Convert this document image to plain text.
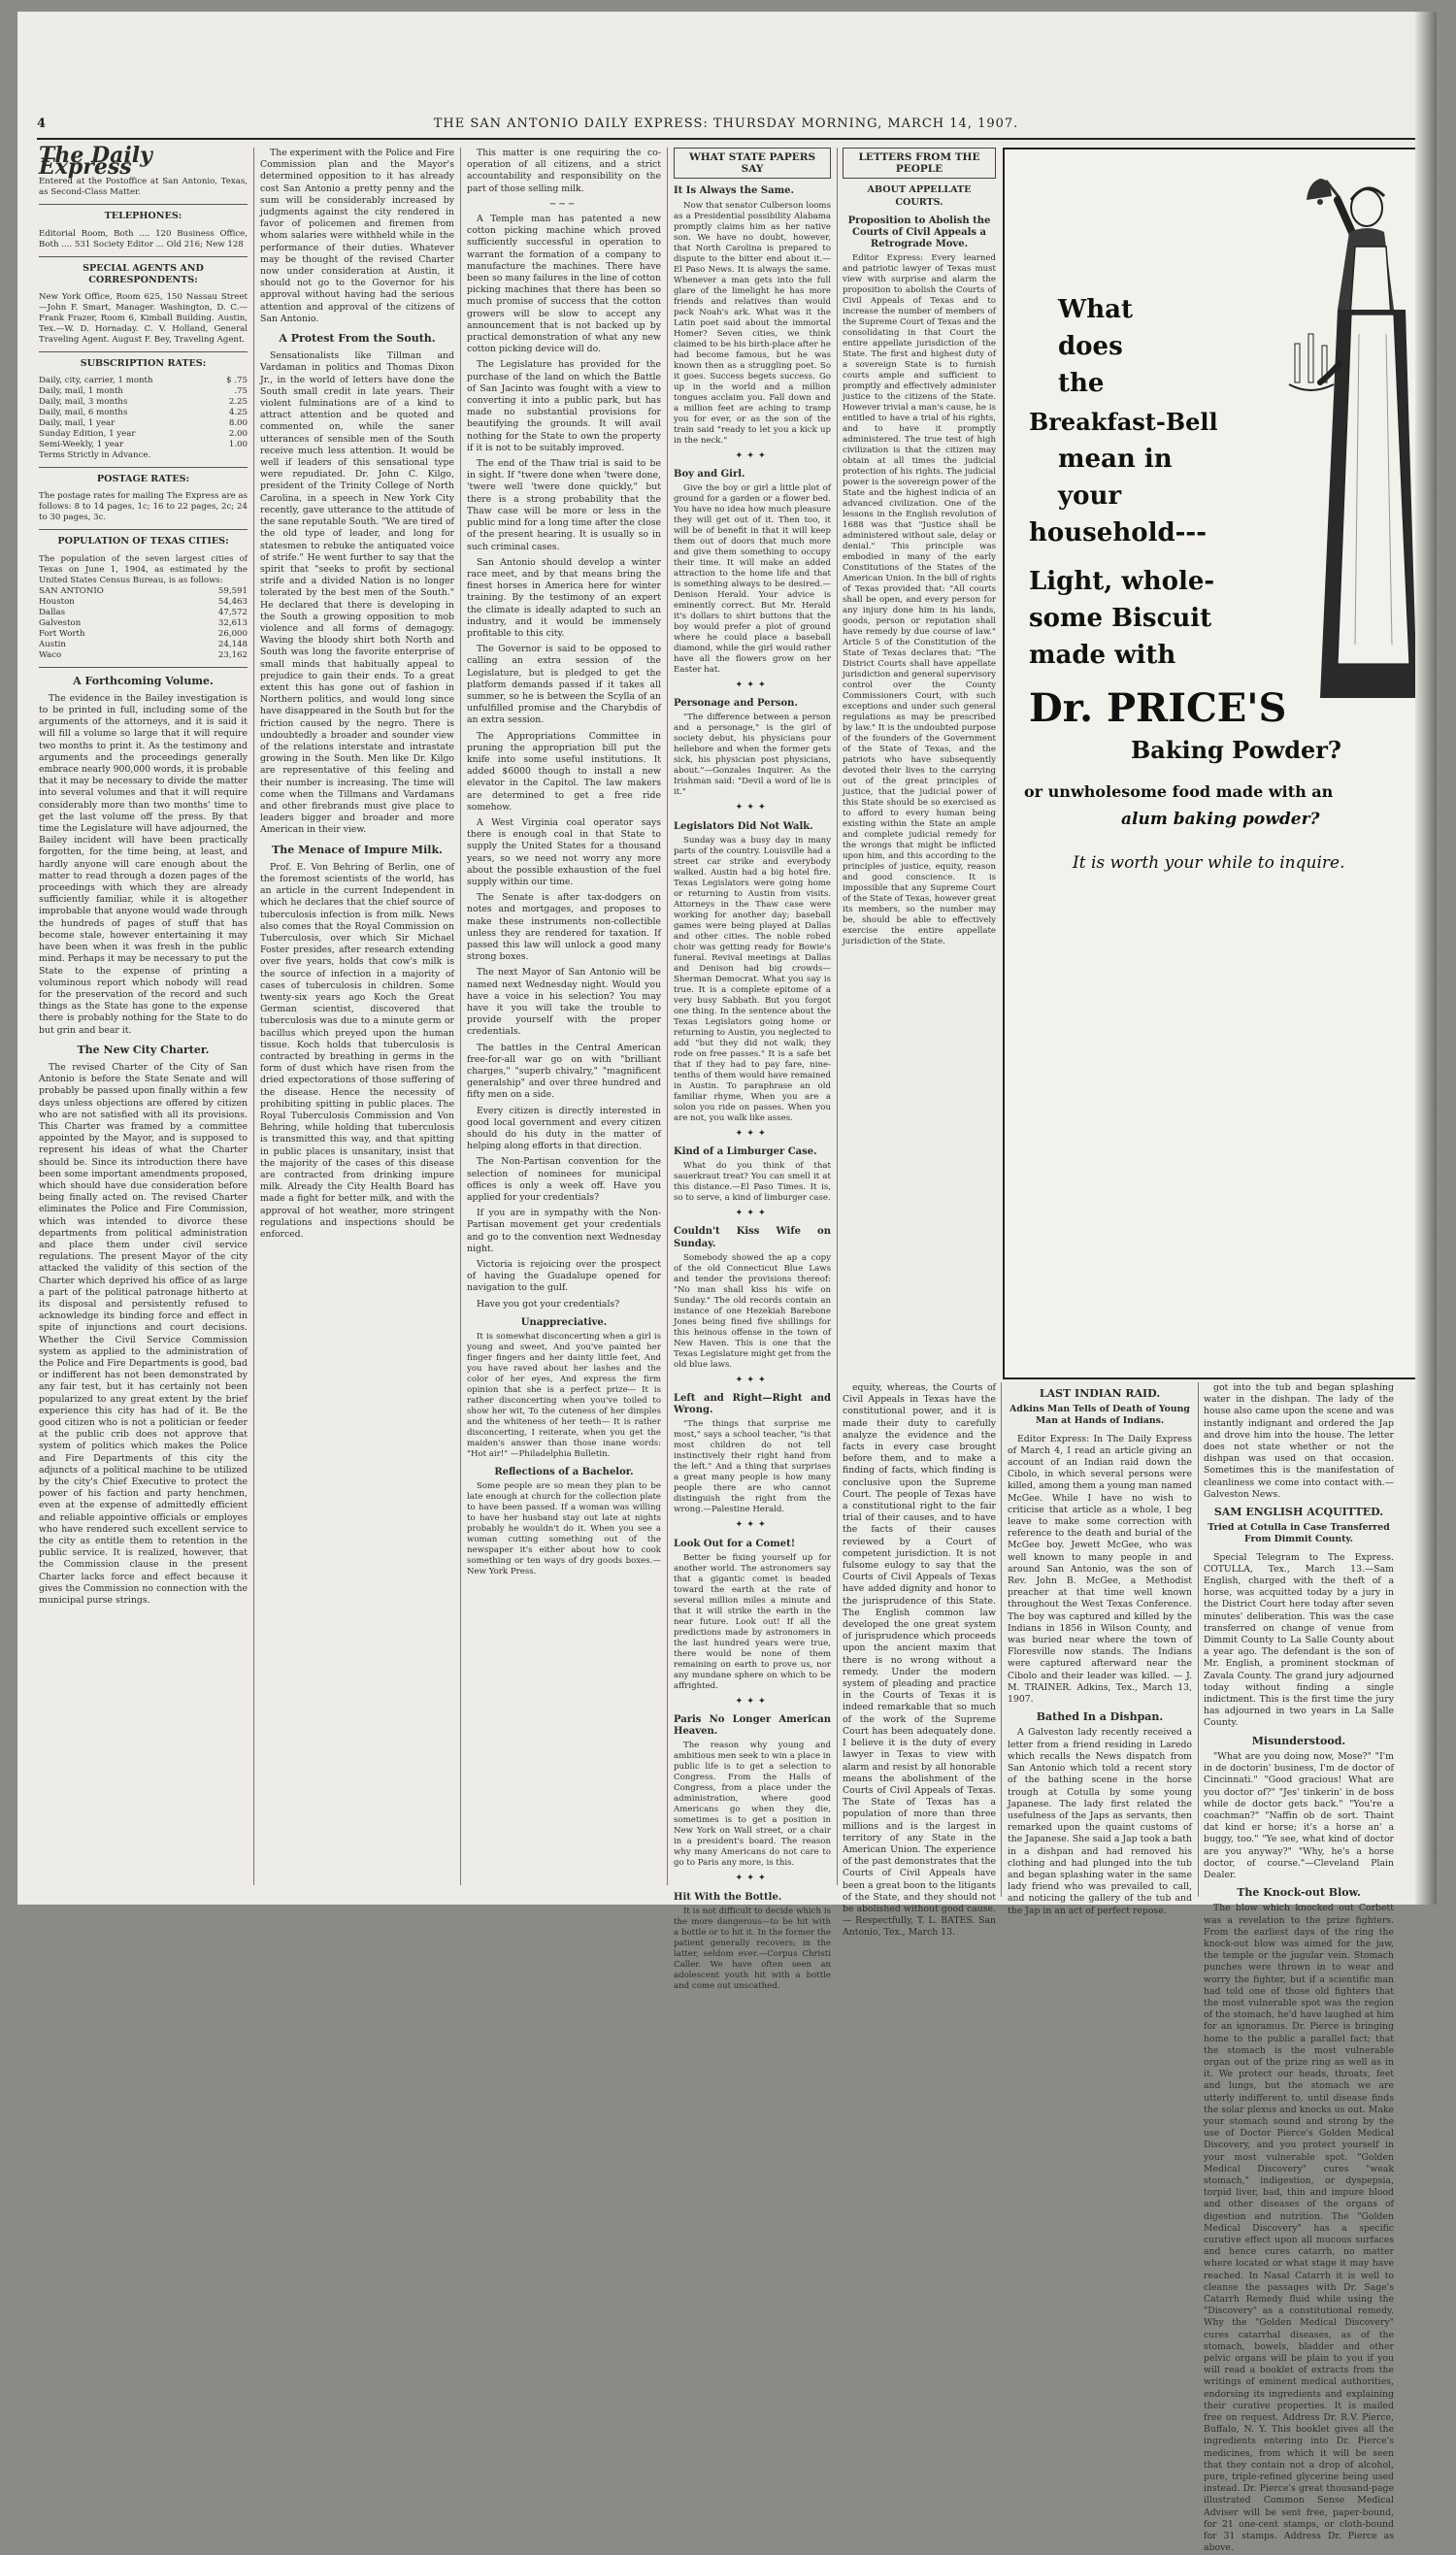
4	THE SAN ANTONIO DAILY EXPRESS: THURSDAY MORNING, MARCH 14, 1907.
The Daily Express
Entered at the Postoffice at San Antonio, Texas, as Second-Class Matter.
TELEPHONES:
Editorial Room, Both .... 120 Business Office, Both .... 531 Society Editor ... Old 216; New 128
SPECIAL AGENTS AND CORRESPONDENTS:
New York Office, Room 625, 150 Nassau Street—John F. Smart, Manager. Washington, D. C.—Frank Frazer, Room 6, Kimball Building. Austin, Tex.—W. D. Hornaday. C. V. Holland, General Traveling Agent. August F. Bey, Traveling Agent.
SUBSCRIPTION RATES:
Daily, city, carrier, 1 month	$ .75
Daily, mail, 1 month	.75
Daily, mail, 3 months	2.25
Daily, mail, 6 months	4.25
Daily, mail, 1 year	8.00
Sunday Edition, 1 year	2.00
Semi-Weekly, 1 year	1.00
Terms Strictly in Advance.
POSTAGE RATES:
The postage rates for mailing The Express are as follows: 8 to 14 pages, 1c; 16 to 22 pages, 2c; 24 to 30 pages, 3c.
POPULATION OF TEXAS CITIES:
The population of the seven largest cities of Texas on June 1, 1904, as estimated by the United States Census Bureau, is as follows:
SAN ANTONIO	59,591
Houston	54,463
Dallas	47,572
Galveston	32,613
Fort Worth	26,000
Austin	24,148
Waco	23,162
A Forthcoming Volume.

The evidence in the Bailey investigation is to be printed in full, including some of the arguments of the attorneys, and it is said it will fill a volume so large that it will require two months to print it. As the testimony and arguments and the proceedings generally embrace nearly 900,000 words, it is probable that it may be necessary to divide the matter into several volumes and that it will require considerably more than two months' time to get the last volume off the press. By that time the Legislature will have adjourned, the Bailey incident will have been practically forgotten, for the time being, at least, and hardly anyone will care enough about the matter to read through a dozen pages of the proceedings with which they are already sufficiently familiar, while it is altogether improbable that anyone would wade through the hundreds of pages of stuff that has become stale, however entertaining it may have been when it was fresh in the public mind. Perhaps it may be necessary to put the State to the expense of printing a voluminous report which nobody will read for the preservation of the record and such things as the State has gone to the expense there is probably nothing for the State to do but grin and bear it.

The New City Charter.

The revised Charter of the City of San Antonio is before the State Senate and will probably be passed upon finally within a few days unless objections are offered by citizen who are not satisfied with all its provisions. This Charter was framed by a committee appointed by the Mayor, and is supposed to represent his ideas of what the Charter should be. Since its introduction there have been some important amendments proposed, which should have due consideration before being finally acted on. The revised Charter eliminates the Police and Fire Commission, which was intended to divorce these departments from political administration and place them under civil service regulations. The present Mayor of the city attacked the validity of this section of the Charter which deprived his office of as large a part of the political patronage hitherto at its disposal and persistently refused to acknowledge its binding force and effect in spite of injunctions and court decisions. Whether the Civil Service Commission system as applied to the administration of the Police and Fire Departments is good, bad or indifferent has not been demonstrated by any fair test, but it has certainly not been popularized to any great extent by the brief experience this city has had of it. Be the good citizen who is not a politician or feeder at the public crib does not approve that system of politics which makes the Police and Fire Departments of this city the adjuncts of a political machine to be utilized by the city's Chief Executive to protect the power of his faction and party henchmen, even at the expense of admittedly efficient and reliable appointive officials or employes who have rendered such excellent service to the city as entitle them to retention in the public service. It is realized, however, that the Commission clause in the present Charter lacks force and effect because it gives the Commission no connection with the municipal purse strings.

The experiment with the Police and Fire Commission plan and the Mayor's determined opposition to it has already cost San Antonio a pretty penny and the sum will be considerably increased by judgments against the city rendered in favor of policemen and firemen from whom salaries were withheld while in the performance of their duties. Whatever may be thought of the revised Charter now under consideration at Austin, it should not go to the Governor for his approval without having had the serious attention and approval of the citizens of San Antonio.

A Protest From the South.

Sensationalists like Tillman and Vardaman in politics and Thomas Dixon Jr., in the world of letters have done the South small credit in late years. Their violent fulminations are of a kind to attract attention and be quoted and commented on, while the saner utterances of sensible men of the South receive much less attention. It would be well if leaders of this sensational type were repudiated. Dr. John C. Kilgo, president of the Trinity College of North Carolina, in a speech in New York City recently, gave utterance to the attitude of the sane reputable South. "We are tired of the old type of leader, and long for statesmen to rebuke the antiquated voice of strife." He went further to say that the spirit that "seeks to profit by sectional strife and a divided Nation is no longer tolerated by the best men of the South." He declared that there is developing in the South a growing opposition to mob violence and all forms of demagogy. Waving the bloody shirt both North and South was long the favorite enterprise of small minds that habitually appeal to prejudice to gain their ends. To a great extent this has gone out of fashion in Northern politics, and would long since have disappeared in the South but for the friction caused by the negro. There is undoubtedly a broader and sounder view of the relations interstate and intrastate growing in the South. Men like Dr. Kilgo are representative of this feeling and their number is increasing. The time will come when the Tillmans and Vardamans and other firebrands must give place to leaders bigger and broader and more American in their view.

The Menace of Impure Milk.

Prof. E. Von Behring of Berlin, one of the foremost scientists of the world, has an article in the current Independent in which he declares that the chief source of tuberculosis infection is from milk. News also comes that the Royal Commission on Tuberculosis, over which Sir Michael Foster presides, after research extending over five years, holds that cow's milk is the source of infection in a majority of cases of tuberculosis in children. Some twenty-six years ago Koch the Great German scientist, discovered that tuberculosis was due to a minute germ or bacillus which preyed upon the human tissue. Koch holds that tuberculosis is contracted by breathing in germs in the form of dust which have risen from the dried expectorations of those suffering of the disease. Hence the necessity of prohibiting spitting in public places. The Royal Tuberculosis Commission and Von Behring, while holding that tuberculosis is transmitted this way, and that spitting in public places is unsanitary, insist that the majority of the cases of this disease are contracted from drinking impure milk. Already the City Health Board has made a fight for better milk, and with the approval of hot weather, more stringent regulations and inspections should be enforced.

This matter is one requiring the co-operation of all citizens, and a strict accountability and responsibility on the part of those selling milk.

───

A Temple man has patented a new cotton picking machine which proved sufficiently successful in operation to warrant the formation of a company to manufacture the machines. There have been so many failures in the line of cotton picking machines that there has been so much promise of success that the cotton growers will be slow to accept any announcement that is not backed up by practical demonstration of what any new cotton picking device will do.

The Legislature has provided for the purchase of the land on which the Battle of San Jacinto was fought with a view to converting it into a public park, but has made no substantial provisions for beautifying the grounds. It will avail nothing for the State to own the property if it is not to be suitably improved.

The end of the Thaw trial is said to be in sight. If "twere done when 'twere done, 'twere well 'twere done quickly," but there is a strong probability that the Thaw case will be more or less in the public mind for a long time after the close of the present hearing. It is usually so in such criminal cases.

San Antonio should develop a winter race meet, and by that means bring the finest horses in America here for winter training. By the testimony of an expert the climate is ideally adapted to such an industry, and it would be immensely profitable to this city.

The Governor is said to be opposed to calling an extra session of the Legislature, but is pledged to get the platform demands passed if it takes all summer, so he is between the Scylla of an unfulfilled promise and the Charybdis of an extra session.

The Appropriations Committee in pruning the appropriation bill put the knife into some useful institutions. It added $6000 though to install a new elevator in the Capitol. The law makers are determined to get a free ride somehow.

A West Virginia coal operator says there is enough coal in that State to supply the United States for a thousand years, so we need not worry any more about the possible exhaustion of the fuel supply within our time.

The Senate is after tax-dodgers on notes and mortgages, and proposes to make these instruments non-collectible unless they are rendered for taxation. If passed this law will unlock a good many strong boxes.

The next Mayor of San Antonio will be named next Wednesday night. Would you have a voice in his selection? You may have it you will take the trouble to provide yourself with the proper credentials.

The battles in the Central American free-for-all war go on with "brilliant charges," "superb chivalry," "magnificent generalship" and over three hundred and fifty men on a side.

Every citizen is directly interested in good local government and every citizen should do his duty in the matter of helping along efforts in that direction.

The Non-Partisan convention for the selection of nominees for municipal offices is only a week off. Have you applied for your credentials?

If you are in sympathy with the Non-Partisan movement get your credentials and go to the convention next Wednesday night.

Victoria is rejoicing over the prospect of having the Guadalupe opened for navigation to the gulf.

Have you got your credentials?

Unappreciative.

It is somewhat disconcerting when a girl is young and sweet, And you've painted her finger fingers and her dainty little feet, And you have raved about her lashes and the color of her eyes, And express the firm opinion that she is a perfect prize— It is rather disconcerting when you've toiled to show her wit, To the cuteness of her dimples and the whiteness of her teeth— It is rather disconcerting, I reiterate, when you get the maiden's answer than those inane words: "Hot air!" —Philadelphia Bulletin.

Reflections of a Bachelor.

Some people are so mean they plan to be late enough at church for the collection plate to have been passed. If a woman was willing to have her husband stay out late at nights probably he wouldn't do it. When you see a woman cutting something out of the newspaper it's either about how to cook something or ten ways of dry goods boxes.—New York Press.

WHAT STATE PAPERS SAY
It Is Always the Same.

Now that senator Culberson looms as a Presidential possibility Alabama promptly claims him as her native son. We have no doubt, however, that North Carolina is prepared to dispute to the bitter end about it.—El Paso News. It is always the same. Whenever a man gets into the full glare of the limelight he has more friends and relatives than would pack Noah's ark. What was it the Latin poet said about the immortal Homer? Seven cities, we think claimed to be his birth-place after he had become famous, but he was known then as a struggling poet. So it goes. Success begets success. Go up in the world and a million tongues acclaim you. Fall down and a million feet are aching to tramp you for ever, or as the son of the train said "ready to let you a kick up in the neck."

✦✦✦
Boy and Girl.

Give the boy or girl a little plot of ground for a garden or a flower bed. You have no idea how much pleasure they will get out of it. Then too, it will be of benefit in that it will keep them out of doors that much more and give them something to occupy their time. It will make an added attraction to the home life and that is something always to be desired.—Denison Herald. Your advice is eminently correct. But Mr. Herald it's dollars to shirt buttons that the boy would prefer a plot of ground where he could place a baseball diamond, while the girl would rather have all the flowers grow on her Easter hat.

✦✦✦
Personage and Person.

"The difference between a person and a personage," is the girl of society debut, his physicians pour hellebore and when the former gets sick, his physician post physicians, about."—Gonzales Inquirer. As the Irishman said: "Devil a word of lie is it."

✦✦✦
Legislators Did Not Walk.

Sunday was a busy day in many parts of the country. Louisville had a street car strike and everybody walked. Austin had a big hotel fire. Texas Legislators were going home or returning to Austin from visits. Attorneys in the Thaw case were working for another day; baseball games were being played at Dallas and other cities. The noble robed choir was getting ready for Bowie's funeral. Revival meetings at Dallas and Denison had big crowds—Sherman Democrat. What you say is true. It is a complete epitome of a very busy Sabbath. But you forgot one thing. In the sentence about the Texas Legislators going home or returning to Austin, you neglected to add "but they did not walk; they rode on free passes." It is a safe bet that if they had to pay fare, nine-tenths of them would have remained in Austin. To paraphrase an old familiar rhyme, When you are a solon you ride on passes. When you are not, you walk like asses.

✦✦✦
Kind of a Limburger Case.

What do you think of that sauerkraut treat? You can smell it at this distance.—El Paso Times. It is, so to serve, a kind of limburger case.

✦✦✦
Couldn't Kiss Wife on Sunday.

Somebody showed the ap a copy of the old Connecticut Blue Laws and tender the provisions thereof: "No man shall kiss his wife on Sunday." The old records contain an instance of one Hezekiah Barebone Jones being fined five shillings for this heinous offense in the town of New Haven. This is one that the Texas Legislature might get from the old blue laws.

✦✦✦
Left and Right—Right and Wrong.

"The things that surprise me most," says a school teacher, "is that most children do not tell instinctively their right hand from the left." And a thing that surprises a great many people is how many people there are who cannot distinguish the right from the wrong.—Palestine Herald.

✦✦✦
Look Out for a Comet!

Better be fixing yourself up for another world. The astronomers say that a gigantic comet is headed toward the earth at the rate of several million miles a minute and that it will strike the earth in the near future. Look out! If all the predictions made by astronomers in the last hundred years were true, there would be none of them remaining on earth to prove us, nor any mundane sphere on which to be affrighted.

✦✦✦
Paris No Longer American Heaven.

The reason why young and ambitious men seek to win a place in public life is to get a selection to Congress. From the Halls of Congress, from a place under the administration, where good Americans go when they die, sometimes is to get a position in New York on Wall street, or a chair in a president's board. The reason why many Americans do not care to go to Paris any more, is this.

✦✦✦
Hit With the Bottle.

It is not difficult to decide which is the more dangerous—to be hit with a bottle or to hit it. In the former the patient generally recovers; in the latter, seldom ever.—Corpus Christi Caller. We have often seen an adolescent youth hit with a bottle and come out unscathed.

LETTERS FROM THE PEOPLE
ABOUT APPELLATE COURTS.
Proposition to Abolish the Courts of Civil Appeals a Retrograde Move.

Editor Express: Every learned and patriotic lawyer of Texas must view with surprise and alarm the proposition to abolish the Courts of Civil Appeals of Texas and to increase the number of members of the Supreme Court of Texas and the consolidating in that Court the entire appellate jurisdiction of the State. The first and highest duty of a sovereign State is to furnish courts ample and sufficient to promptly and effectively administer justice to the citizens of the State. However trivial a man's cause, he is entitled to have a trial of his rights, and to have it promptly administered. The true test of high civilization is that the citizen may obtain at all times the judicial protection of his rights. The judicial power is the sovereign power of the State and the highest indicia of an advanced civilization. One of the lessons in the English revolution of 1688 was that "Justice shall be administered without sale, delay or denial." This principle was embodied in many of the early Constitutions of the States of the American Union. In the bill of rights of Texas provided that: "All courts shall be open, and every person for any injury done him in his lands, goods, person or reputation shall have remedy by due course of law." Article 5 of the Constitution of the State of Texas declares that: "The District Courts shall have appellate jurisdiction and general supervisory control over the County Commissioners Court, with such exceptions and under such general regulations as may be prescribed by law." It is the undoubted purpose of the founders of the Government of the State of Texas, and the patriots who have subsequently devoted their lives to the carrying out of the great principles of justice, that the judicial power of this State should be so exercised as to afford to every human being existing within the State an ample and complete judicial remedy for the wrongs that might be inflicted upon him, and this according to the principles of justice, equity, reason and good conscience. It is impossible that any Supreme Court of the State of Texas, however great its members, so the number may be, should be able to effectively exercise the entire appellate jurisdiction of the State.

What
does
the
Breakfast-Bell
mean in
your
household---
Light, whole-
some Biscuit
made with
Dr. PRICE'S
Baking Powder?
or unwholesome food made with an
alum baking powder?
It is worth your while to inquire.

equity, whereas, the Courts of Civil Appeals in Texas have the constitutional power, and it is made their duty to carefully analyze the evidence and the facts in every case brought before them, and to make a finding of facts, which finding is conclusive upon the Supreme Court. The people of Texas have a constitutional right to the fair trial of their causes, and to have the facts of their causes reviewed by a Court of competent jurisdiction. It is not fulsome eulogy to say that the Courts of Civil Appeals of Texas have added dignity and honor to the jurisprudence of this State. The English common law developed the one great system of jurisprudence which proceeds upon the ancient maxim that there is no wrong without a remedy. Under the modern system of pleading and practice in the Courts of Texas it is indeed remarkable that so much of the work of the Supreme Court has been adequately done. I believe it is the duty of every lawyer in Texas to view with alarm and resist by all honorable means the abolishment of the Courts of Civil Appeals of Texas. The State of Texas has a population of more than three millions and is the largest in territory of any State in the American Union. The experience of the past demonstrates that the Courts of Civil Appeals have been a great boon to the litigants of the State, and they should not be abolished without good cause. — Respectfully, T. L. BATES. San Antonio, Tex., March 13.

LAST INDIAN RAID.
Adkins Man Tells of Death of Young Man at Hands of Indians.

Editor Express: In The Daily Express of March 4, I read an article giving an account of an Indian raid down the Cibolo, in which several persons were killed, among them a young man named McGee. While I have no wish to criticise that article as a whole, I beg leave to make some correction with reference to the death and burial of the McGee boy. Jewett McGee, who was well known to many people in and around San Antonio, was the son of Rev. John B. McGee, a Methodist preacher at that time well known throughout the West Texas Conference. The boy was captured and killed by the Indians in 1856 in Wilson County, and was buried near where the town of Floresville now stands. The Indians were captured afterward near the Cibolo and their leader was killed. — J. M. TRAINER. Adkins, Tex., March 13, 1907.

Bathed In a Dishpan.

A Galveston lady recently received a letter from a friend residing in Laredo which recalls the News dispatch from San Antonio which told a recent story of the bathing scene in the horse trough at Cotulla by some young Japanese. The lady first related the usefulness of the Japs as servants, then remarked upon the quaint customs of the Japanese. She said a Jap took a bath in a dishpan and had removed his clothing and had plunged into the tub and began splashing water in the same lady friend who was prevailed to call, and noticing the gallery of the tub and the Jap in an act of perfect repose.

got into the tub and began splashing water in the dishpan. The lady of the house also came upon the scene and was instantly indignant and ordered the Jap and drove him into the house. The letter does not state whether or not the dishpan was used on that occasion. Sometimes this is the manifestation of cleanliness we come into contact with.—Galveston News.

SAM ENGLISH ACQUITTED.
Tried at Cotulla in Case Transferred From Dimmit County.

Special Telegram to The Express. COTULLA, Tex., March 13.—Sam English, charged with the theft of a horse, was acquitted today by a jury in the District Court here today after seven minutes' deliberation. This was the case transferred on change of venue from Dimmit County to La Salle County about a year ago. The defendant is the son of Mr. English, a prominent stockman of Zavala County. The grand jury adjourned today without finding a single indictment. This is the first time the jury has adjourned in two years in La Salle County.

Misunderstood.

"What are you doing now, Mose?" "I'm in de doctorin' business, I'm de doctor of Cincinnati." "Good gracious! What are you doctor of?" "Jes' tinkerin' in de boss while de doctor gets back." "You're a coachman?" "Naffin ob de sort. Thaint dat kind er horse; it's a horse an' a buggy, too." "Ye see, what kind of doctor are you anyway?" "Why, he's a horse doctor, of course."—Cleveland Plain Dealer.

The Knock-out Blow.

The blow which knocked out Corbett was a revelation to the prize fighters. From the earliest days of the ring the knock-out blow was aimed for the jaw, the temple or the jugular vein. Stomach punches were thrown in to wear and worry the fighter, but if a scientific man had told one of those old fighters that the most vulnerable spot was the region of the stomach, he'd have laughed at him for an ignoramus. Dr. Pierce is bringing home to the public a parallel fact; that the stomach is the most vulnerable organ out of the prize ring as well as in it. We protect our heads, throats, feet and lungs, but the stomach we are utterly indifferent to, until disease finds the solar plexus and knocks us out. Make your stomach sound and strong by the use of Doctor Pierce's Golden Medical Discovery, and you protect yourself in your most vulnerable spot. "Golden Medical Discovery" cures "weak stomach," indigestion, or dyspepsia, torpid liver, bad, thin and impure blood and other diseases of the organs of digestion and nutrition. The "Golden Medical Discovery" has a specific curative effect upon all mucous surfaces and hence cures catarrh, no matter where located or what stage it may have reached. In Nasal Catarrh it is well to cleanse the passages with Dr. Sage's Catarrh Remedy fluid while using the "Discovery" as a constitutional remedy. Why the "Golden Medical Discovery" cures catarrhal diseases, as of the stomach, bowels, bladder and other pelvic organs will be plain to you if you will read a booklet of extracts from the writings of eminent medical authorities, endorsing its ingredients and explaining their curative properties. It is mailed free on request. Address Dr. R.V. Pierce, Buffalo, N. Y. This booklet gives all the ingredients entering into Dr. Pierce's medicines, from which it will be seen that they contain not a drop of alcohol, pure, triple-refined glycerine being used instead. Dr. Pierce's great thousand-page illustrated Common Sense Medical Adviser will be sent free, paper-bound, for 21 one-cent stamps, or cloth-bound for 31 stamps. Address Dr. Pierce as above.
